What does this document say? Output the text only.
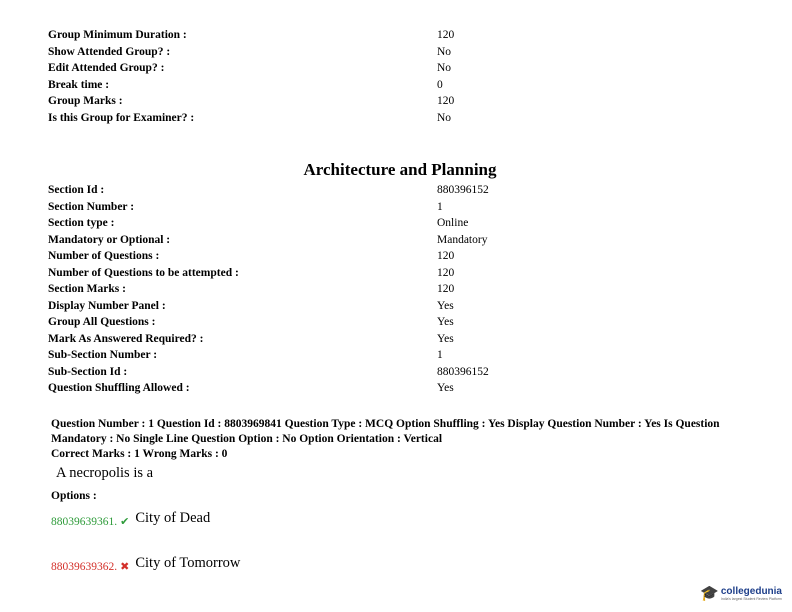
Group Minimum Duration :	120
Show Attended Group? :	No
Edit Attended Group? :	No
Break time :	0
Group Marks :	120
Is this Group for Examiner? :	No
Architecture and Planning
Section Id :	880396152
Section Number :	1
Section type :	Online
Mandatory or Optional :	Mandatory
Number of Questions :	120
Number of Questions to be attempted :	120
Section Marks :	120
Display Number Panel :	Yes
Group All Questions :	Yes
Mark As Answered Required? :	Yes
Sub-Section Number :	1
Sub-Section Id :	880396152
Question Shuffling Allowed :	Yes
Question Number : 1 Question Id : 8803969841 Question Type : MCQ Option Shuffling : Yes Display Question Number : Yes Is Question
Mandatory : No Single Line Question Option : No Option Orientation : Vertical
Correct Marks : 1 Wrong Marks : 0
A necropolis is a
Options :
88039639361. ✔ City of Dead
88039639362. ✖ City of Tomorrow
🎓 collegedunia
India's largest Student Review Platform
